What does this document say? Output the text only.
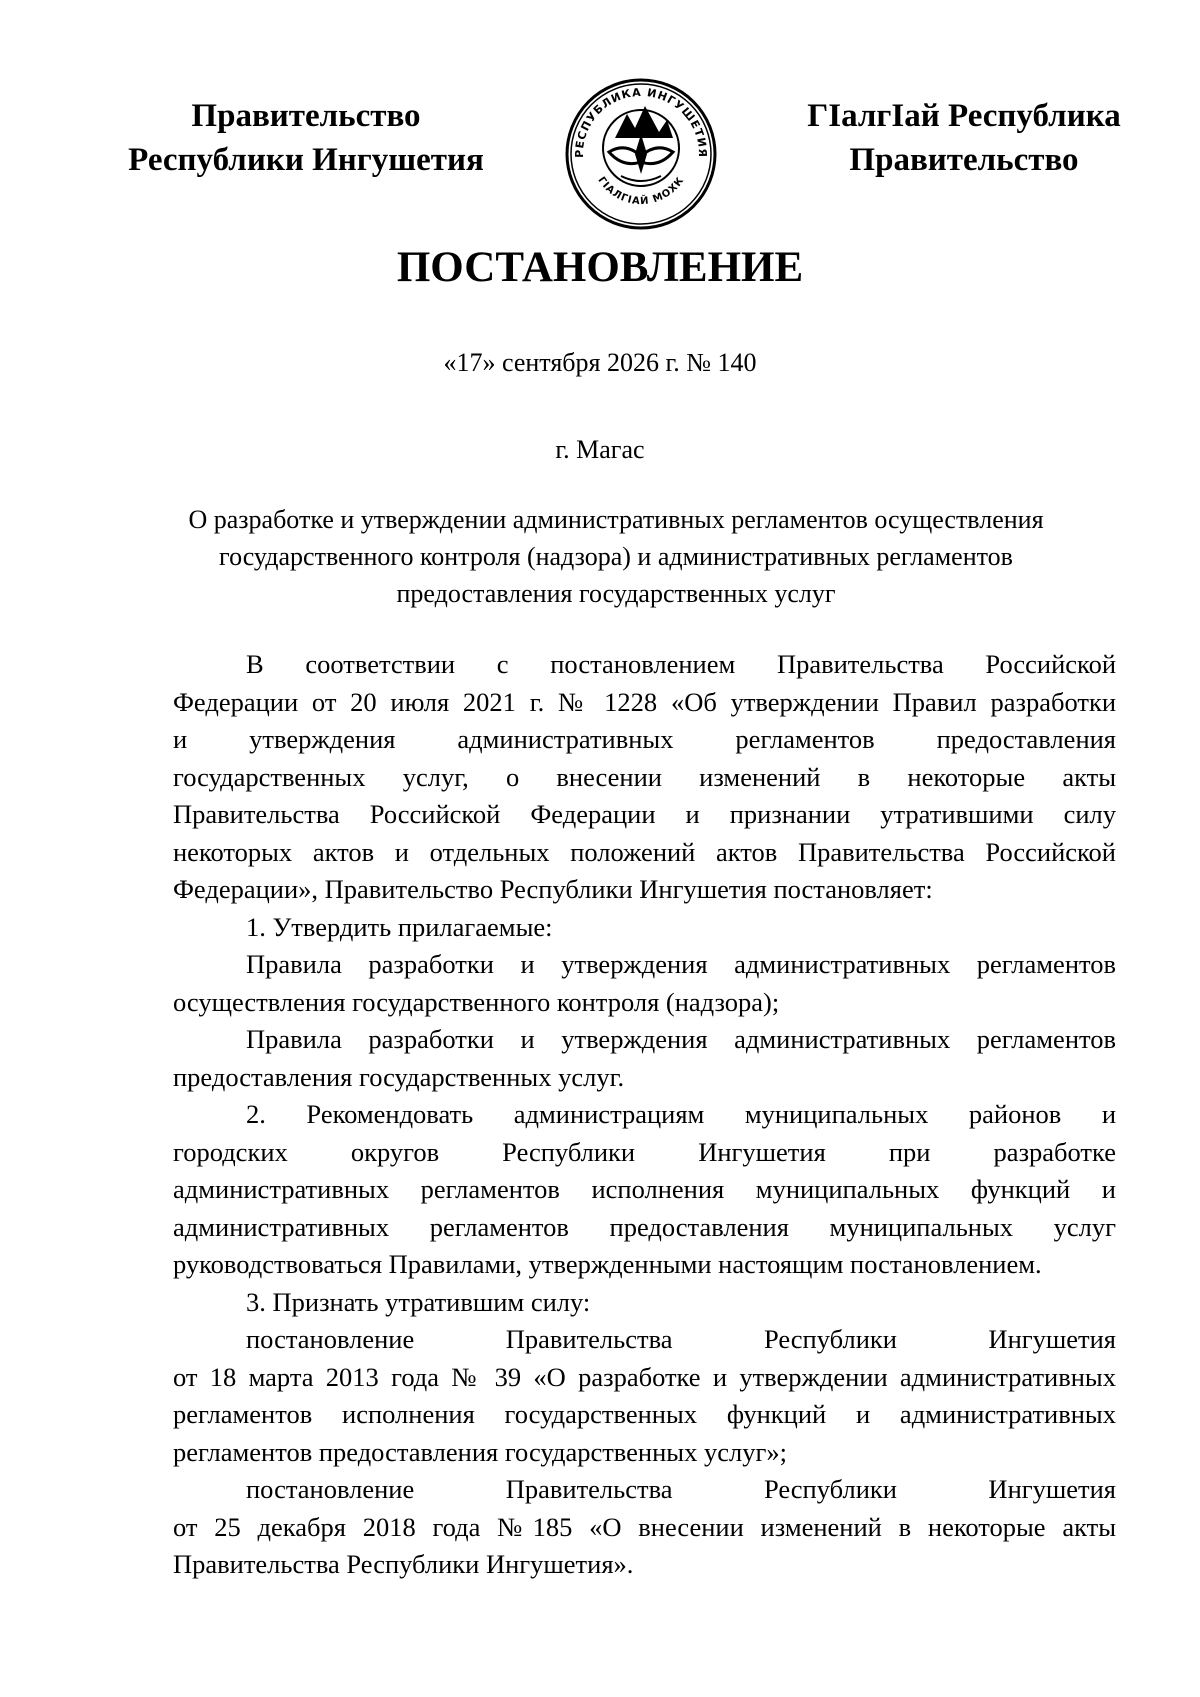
Правительство
Республики Ингушетия	РЕСПУБЛИКА ИНГУШЕТИЯ
ГIАЛГIАЙ МОХК
ГIалгIай Республика
Правительство
ПОСТАНОВЛЕНИЕ
«17» сентября 2026 г. № 140
г. Магас
О разработке и утверждении административных регламентов осуществления
государственного контроля (надзора) и административных регламентов
предоставления государственных услуг
В соответствии с постановлением Правительства Российской
Федерации от 20 июля 2021 г. № 1228 «Об утверждении Правил разработки
и утверждения административных регламентов предоставления
государственных услуг, о внесении изменений в некоторые акты
Правительства Российской Федерации и признании утратившими силу
некоторых актов и отдельных положений актов Правительства Российской
Федерации», Правительство Республики Ингушетия постановляет:
1. Утвердить прилагаемые:
Правила разработки и утверждения административных регламентов
осуществления государственного контроля (надзора);
Правила разработки и утверждения административных регламентов
предоставления государственных услуг.
2. Рекомендовать администрациям муниципальных районов и
городских округов Республики Ингушетия при разработке
административных регламентов исполнения муниципальных функций и
административных регламентов предоставления муниципальных услуг
руководствоваться Правилами, утвержденными настоящим постановлением.
3. Признать утратившим силу:
постановление Правительства Республики Ингушетия
от 18 марта 2013 года № 39 «О разработке и утверждении административных
регламентов исполнения государственных функций и административных
регламентов предоставления государственных услуг»;
постановление Правительства Республики Ингушетия
от 25 декабря 2018 года №185 «О внесении изменений в некоторые акты
Правительства Республики Ингушетия».
